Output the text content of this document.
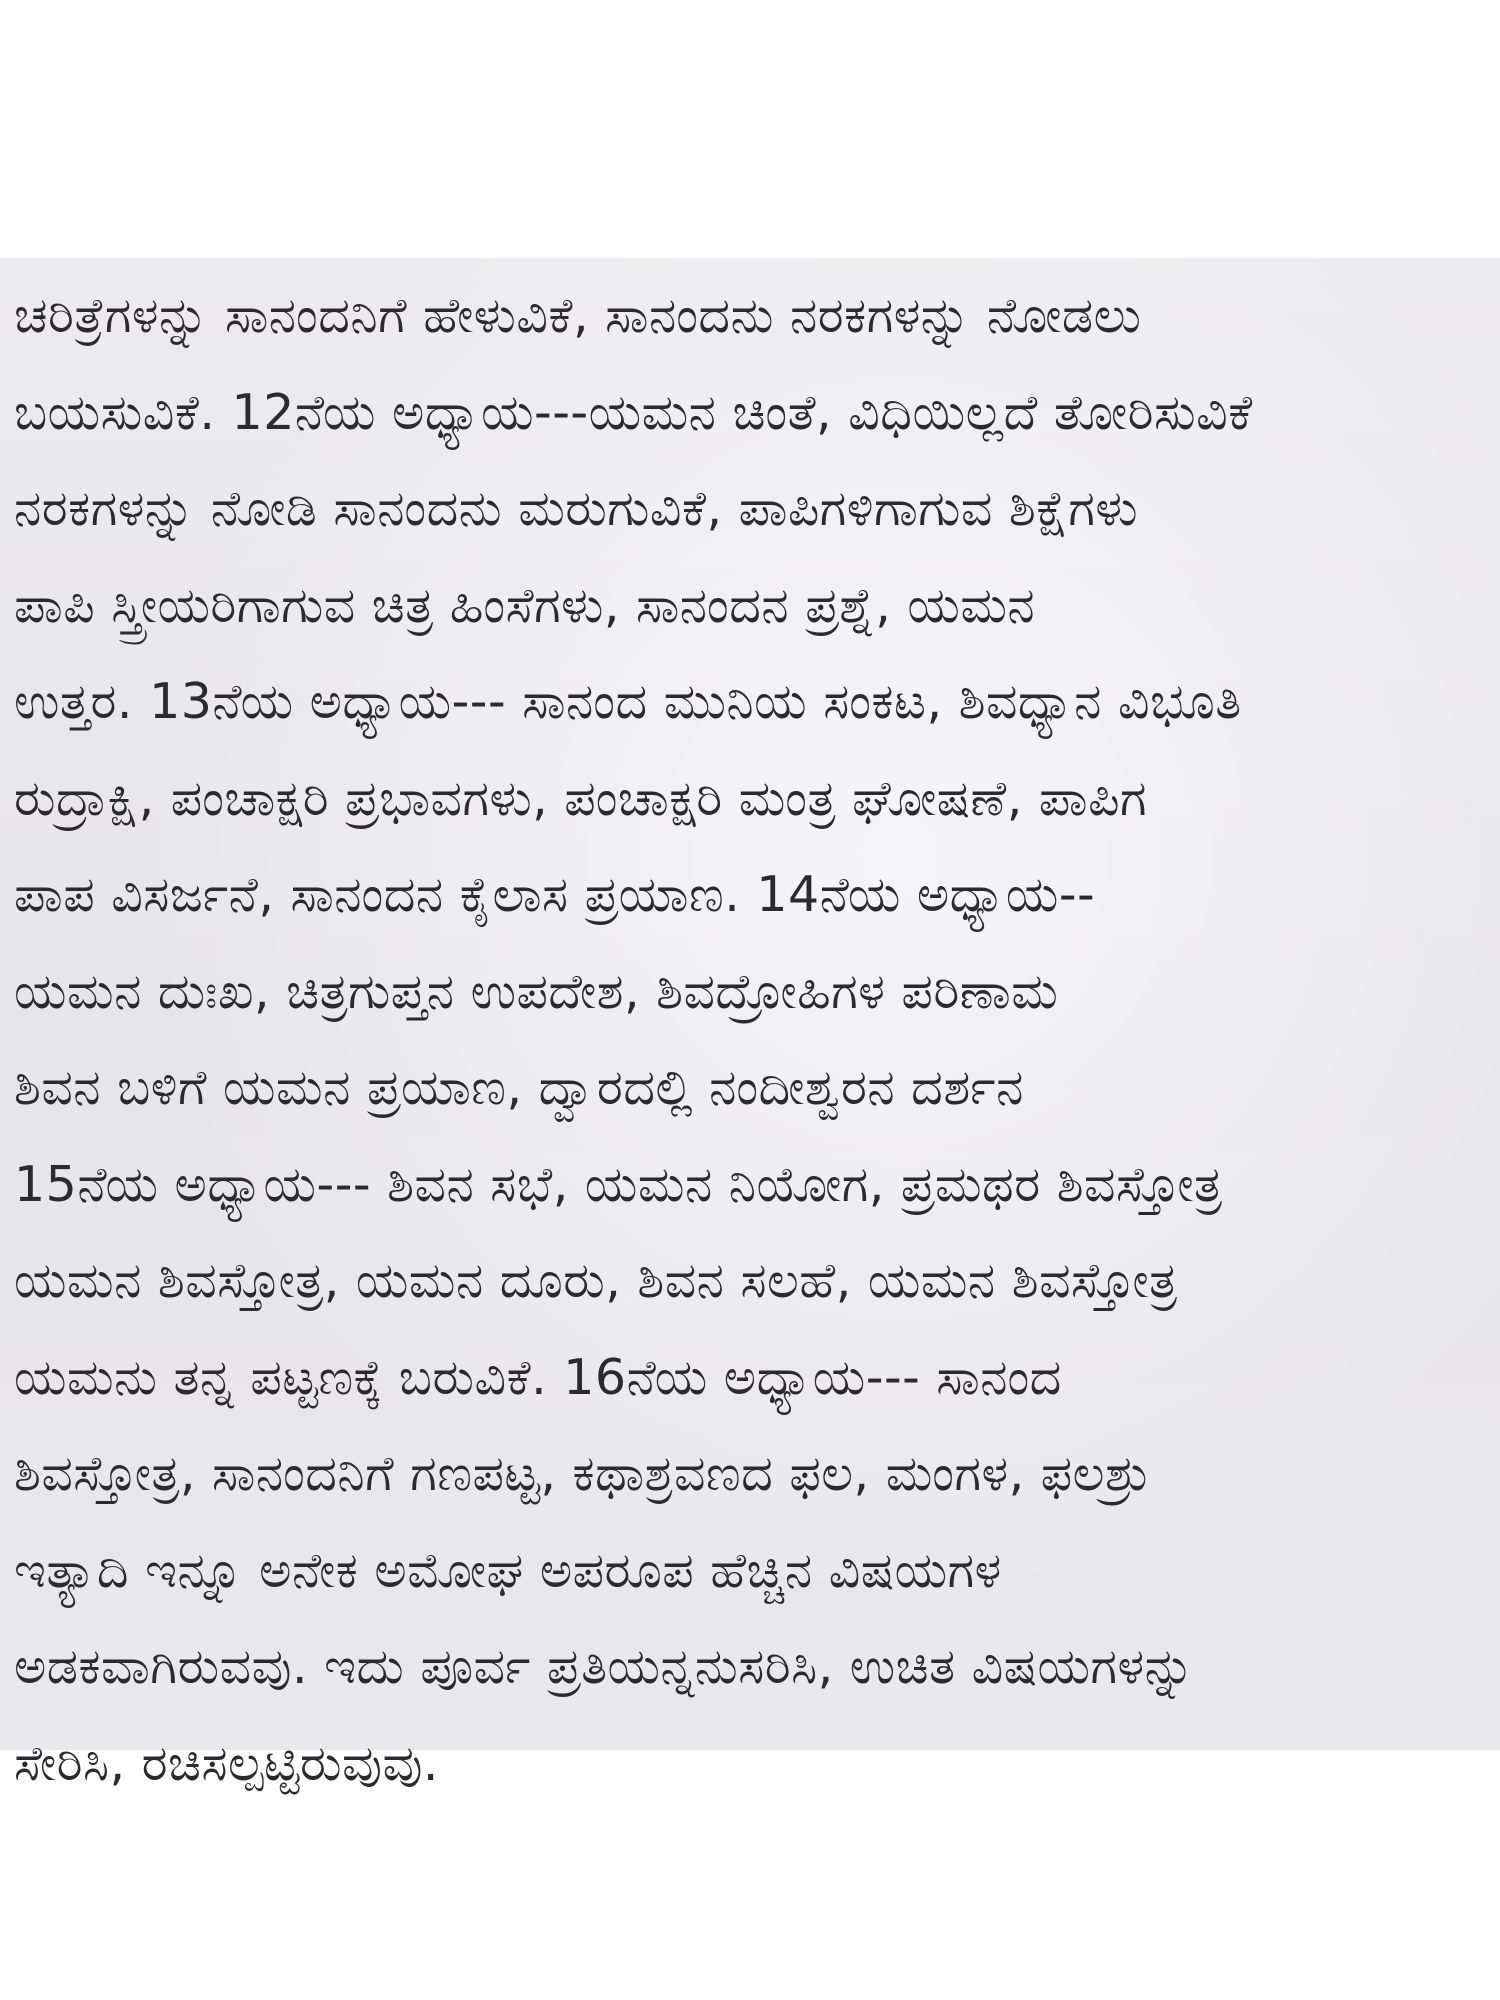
ಚರಿತ್ರೆಗಳನ್ನು ಸಾನಂದನಿಗೆ ಹೇಳುವಿಕೆ, ಸಾನಂದನು ನರಕಗಳನ್ನು ನೋಡಲು
ಬಯಸುವಿಕೆ. 12ನೆಯ ಅಧ್ಯಾಯ---ಯಮನ ಚಿಂತೆ, ವಿಧಿಯಿಲ್ಲದೆ ತೋರಿಸುವಿಕೆ
ನರಕಗಳನ್ನು ನೋಡಿ ಸಾನಂದನು ಮರುಗುವಿಕೆ, ಪಾಪಿಗಳಿಗಾಗುವ ಶಿಕ್ಷೆಗಳು
ಪಾಪಿ ಸ್ತ್ರೀಯರಿಗಾಗುವ ಚಿತ್ರ ಹಿಂಸೆಗಳು, ಸಾನಂದನ ಪ್ರಶ್ನೆ, ಯಮನ
ಉತ್ತರ. 13ನೆಯ ಅಧ್ಯಾಯ--- ಸಾನಂದ ಮುನಿಯ ಸಂಕಟ, ಶಿವಧ್ಯಾನ ವಿಭೂತಿ
ರುದ್ರಾಕ್ಷಿ, ಪಂಚಾಕ್ಷರಿ ಪ್ರಭಾವಗಳು, ಪಂಚಾಕ್ಷರಿ ಮಂತ್ರ ಘೋಷಣೆ, ಪಾಪಿಗ
ಪಾಪ ವಿಸರ್ಜನೆ, ಸಾನಂದನ ಕೈಲಾಸ ಪ್ರಯಾಣ. 14ನೆಯ ಅಧ್ಯಾಯ--
ಯಮನ ದುಃಖ, ಚಿತ್ರಗುಪ್ತನ ಉಪದೇಶ, ಶಿವದ್ರೋಹಿಗಳ ಪರಿಣಾಮ
ಶಿವನ ಬಳಿಗೆ ಯಮನ ಪ್ರಯಾಣ, ದ್ವಾರದಲ್ಲಿ ನಂದೀಶ್ವರನ ದರ್ಶನ
15ನೆಯ ಅಧ್ಯಾಯ--- ಶಿವನ ಸಭೆ, ಯಮನ ನಿಯೋಗ, ಪ್ರಮಥರ ಶಿವಸ್ತೋತ್ರ
ಯಮನ ಶಿವಸ್ತೋತ್ರ, ಯಮನ ದೂರು, ಶಿವನ ಸಲಹೆ, ಯಮನ ಶಿವಸ್ತೋತ್ರ
ಯಮನು ತನ್ನ ಪಟ್ಟಣಕ್ಕೆ ಬರುವಿಕೆ. 16ನೆಯ ಅಧ್ಯಾಯ--- ಸಾನಂದ
ಶಿವಸ್ತೋತ್ರ, ಸಾನಂದನಿಗೆ ಗಣಪಟ್ಟ, ಕಥಾಶ್ರವಣದ ಫಲ, ಮಂಗಳ, ಫಲಶ್ರು
ಇತ್ಯಾದಿ ಇನ್ನೂ ಅನೇಕ ಅಮೋಘ ಅಪರೂಪ ಹೆಚ್ಚಿನ ವಿಷಯಗಳ
ಅಡಕವಾಗಿರುವವು. ಇದು ಪೂರ್ವ ಪ್ರತಿಯನ್ನನುಸರಿಸಿ, ಉಚಿತ ವಿಷಯಗಳನ್ನು
ಸೇರಿಸಿ, ರಚಿಸಲ್ಪಟ್ಟಿರುವುವು.
